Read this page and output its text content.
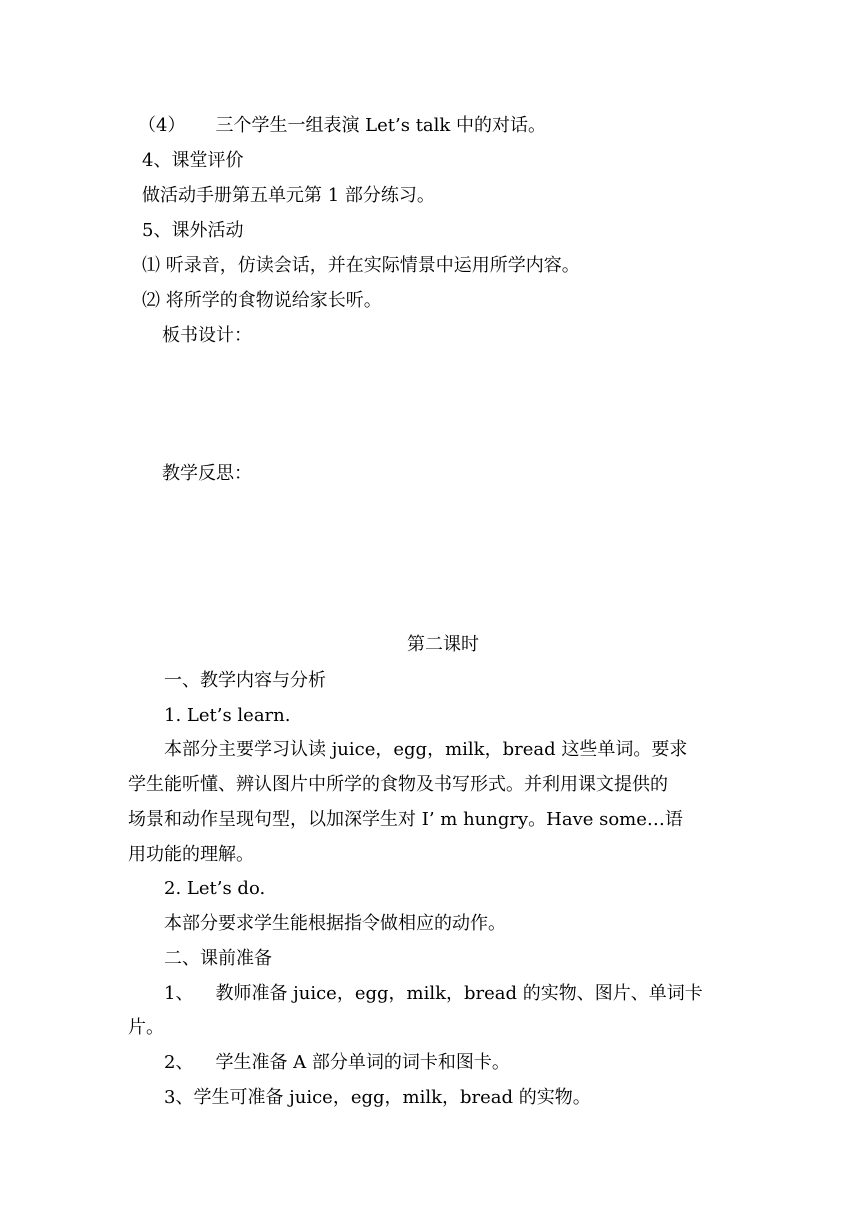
（4） 三个学生一组表演 Let’s talk 中的对话。
4、课堂评价
做活动手册第五单元第 1 部分练习。
5、课外活动
⑴ 听录音，仿读会话，并在实际情景中运用所学内容。
⑵ 将所学的食物说给家长听。
板书设计：
教学反思：
第二课时
一、教学内容与分析
1. Let’s learn.
本部分主要学习认读 juice，egg，milk，bread 这些单词。要求
学生能听懂、辨认图片中所学的食物及书写形式。并利用课文提供的
场景和动作呈现句型，以加深学生对 I’ m hungry。Have some…语
用功能的理解。
2. Let’s do.
本部分要求学生能根据指令做相应的动作。
二、课前准备
1、 教师准备 juice，egg，milk，bread 的实物、图片、单词卡
片。
2、 学生准备 A 部分单词的词卡和图卡。
3、学生可准备 juice，egg，milk，bread 的实物。
